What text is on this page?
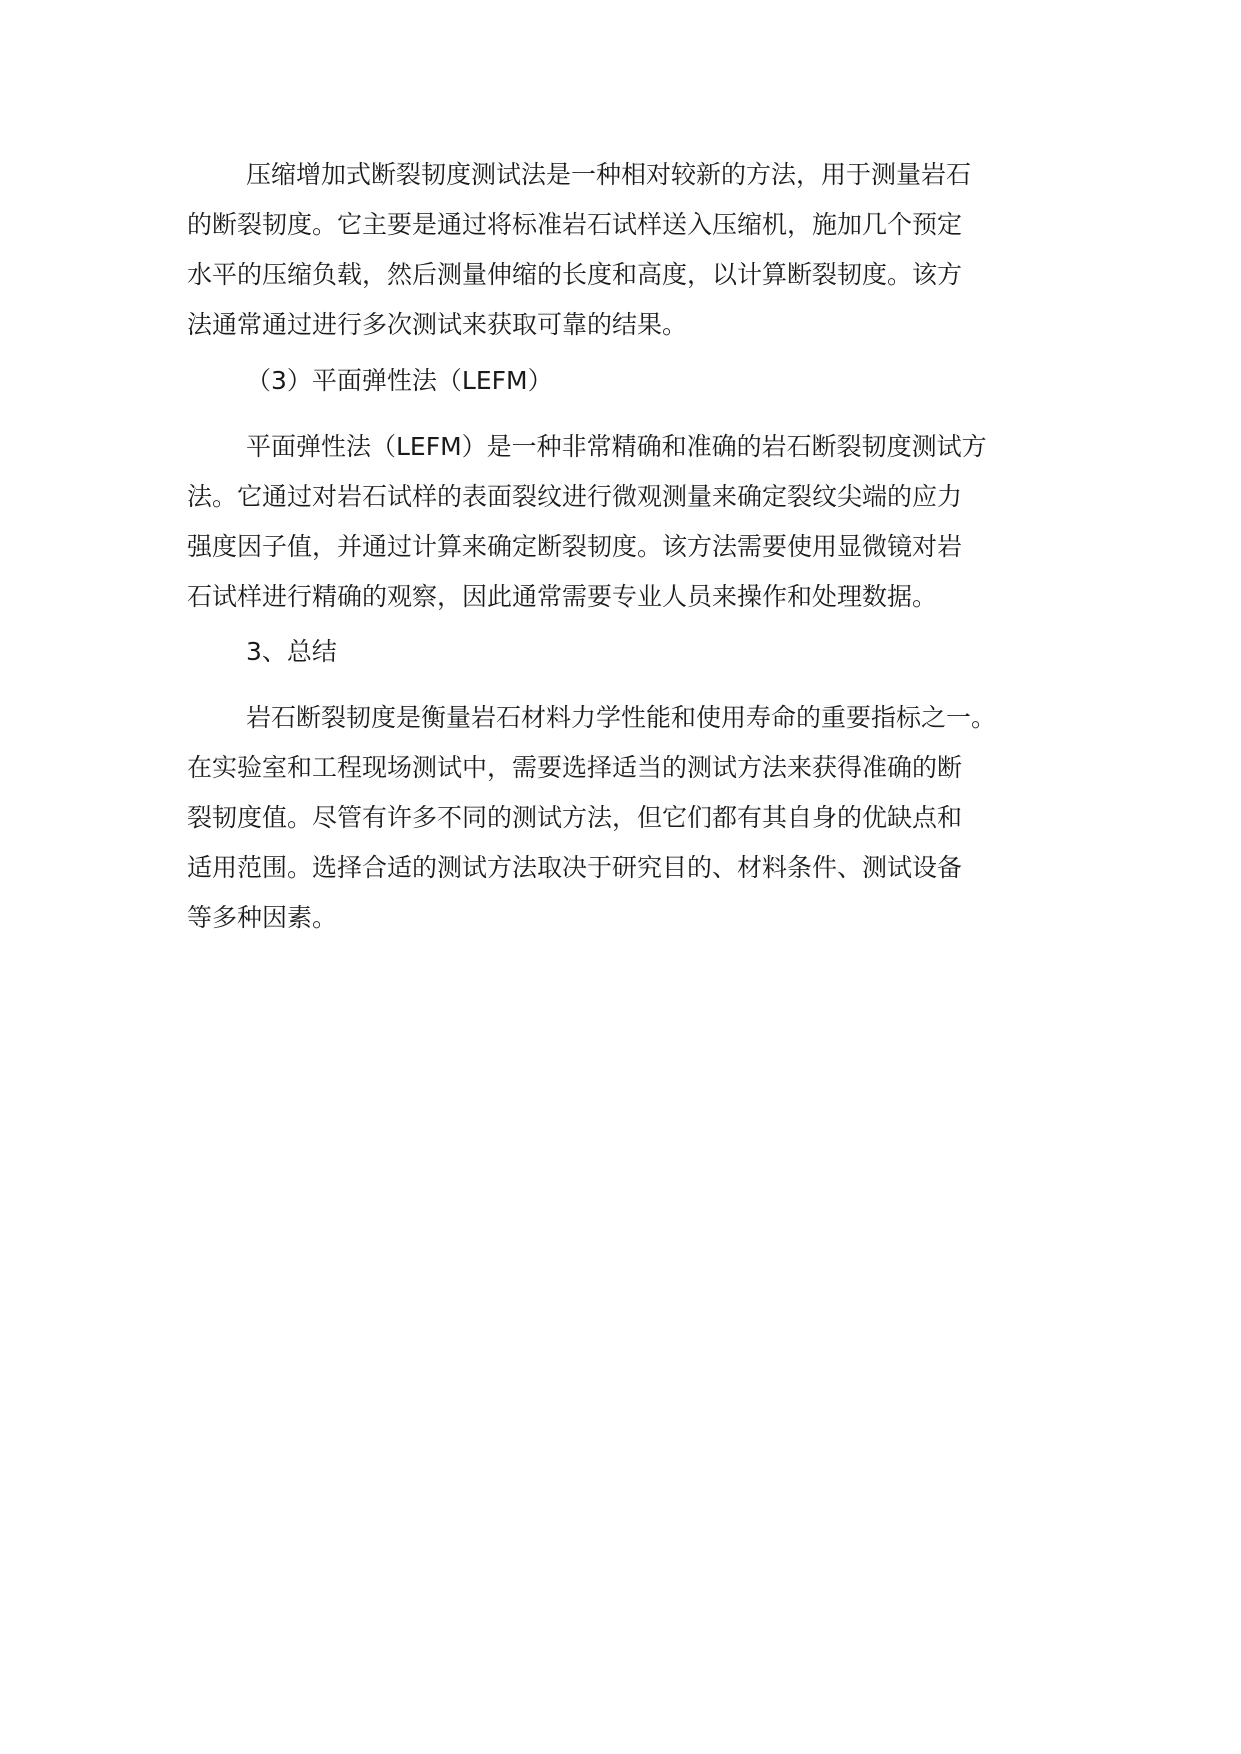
压缩增加式断裂韧度测试法是一种相对较新的方法，用于测量岩石
的断裂韧度。它主要是通过将标准岩石试样送入压缩机，施加几个预定
水平的压缩负载，然后测量伸缩的长度和高度，以计算断裂韧度。该方
法通常通过进行多次测试来获取可靠的结果。
（3）平面弹性法（LEFM）
平面弹性法（LEFM）是一种非常精确和准确的岩石断裂韧度测试方
法。它通过对岩石试样的表面裂纹进行微观测量来确定裂纹尖端的应力
强度因子值，并通过计算来确定断裂韧度。该方法需要使用显微镜对岩
石试样进行精确的观察，因此通常需要专业人员来操作和处理数据。
3、总结
岩石断裂韧度是衡量岩石材料力学性能和使用寿命的重要指标之一。
在实验室和工程现场测试中，需要选择适当的测试方法来获得准确的断
裂韧度值。尽管有许多不同的测试方法，但它们都有其自身的优缺点和
适用范围。选择合适的测试方法取决于研究目的、材料条件、测试设备
等多种因素。
